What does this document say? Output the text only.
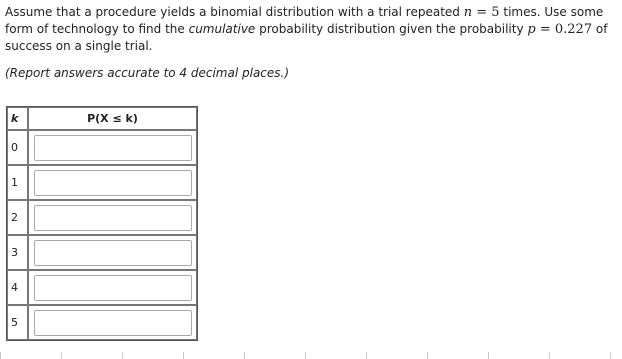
Assume that a procedure yields a binomial distribution with a trial repeated n = 5 times. Use some form of technology to find the cumulative probability distribution given the probability p = 0.227 of success on a single trial.
(Report answers accurate to 4 decimal places.)
k	P(X ≤ k)
0	

1	

2	

3	

4	

5	
